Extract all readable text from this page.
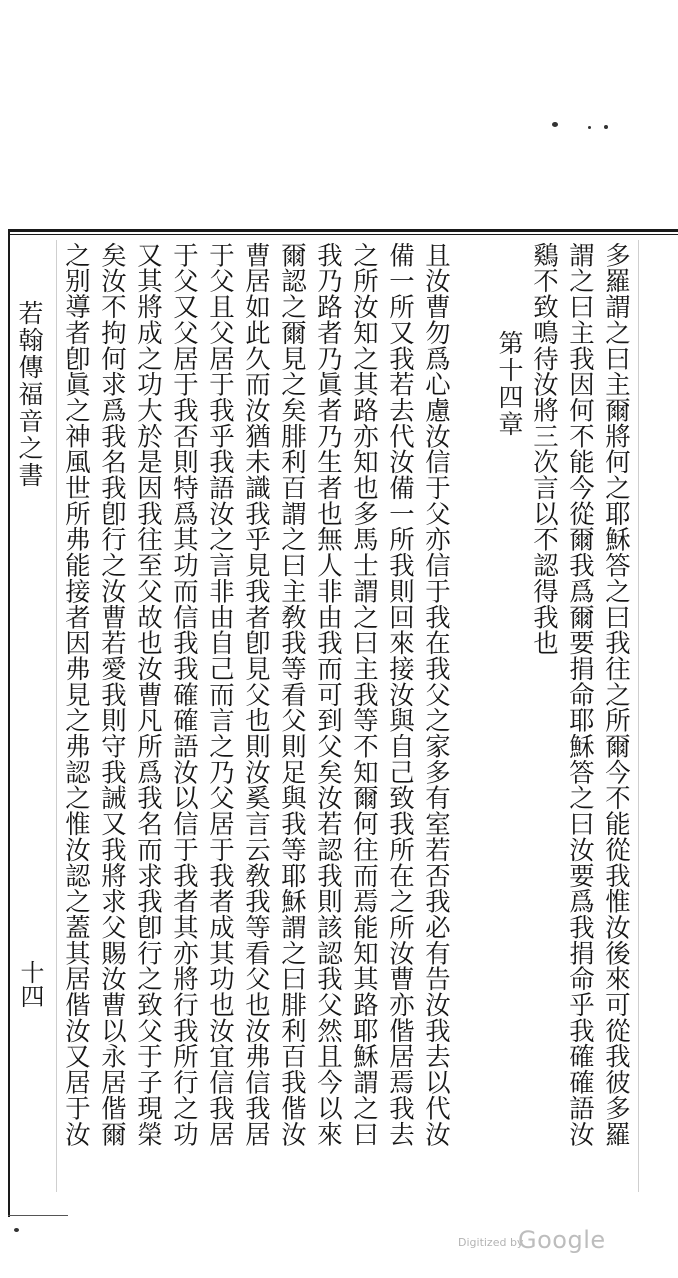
若翰傳福音之書
十四	多羅謂之曰主爾將何之耶穌答之曰我往之所爾今不能從我惟汝後來可從我彼多羅
謂之曰主我因何不能今從爾我爲爾要捐命耶穌答之曰汝要爲我捐命乎我確確語汝
鷄不致鳴待汝將三次言以不認得我也
第十四章
且汝曹勿爲心慮汝信于父亦信于我在我父之家多有室若否我必有告汝我去以代汝
備一所又我若去代汝備一所我則回來接汝與自己致我所在之所汝曹亦偕居焉我去
之所汝知之其路亦知也多馬士謂之曰主我等不知爾何往而焉能知其路耶穌謂之曰
我乃路者乃眞者乃生者也無人非由我而可到父矣汝若認我則該認我父然且今以來
爾認之爾見之矣腓利百謂之曰主敎我等看父則足與我等耶穌謂之曰腓利百我偕汝
曹居如此久而汝猶未識我乎見我者卽見父也則汝奚言云敎我等看父也汝弗信我居
于父且父居于我乎我語汝之言非由自己而言之乃父居于我者成其功也汝宜信我居
于父又父居于我否則特爲其功而信我我確確語汝以信于我者其亦將行我所行之功
又其將成之功大於是因我往至父故也汝曹凡所爲我名而求我卽行之致父于子現榮
矣汝不拘何求爲我名我卽行之汝曹若愛我則守我誡又我將求父賜汝曹以永居偕爾
之别導者卽眞之神風世所弗能接者因弗見之弗認之惟汝認之蓋其居偕汝又居于汝
Digitized by
Google
